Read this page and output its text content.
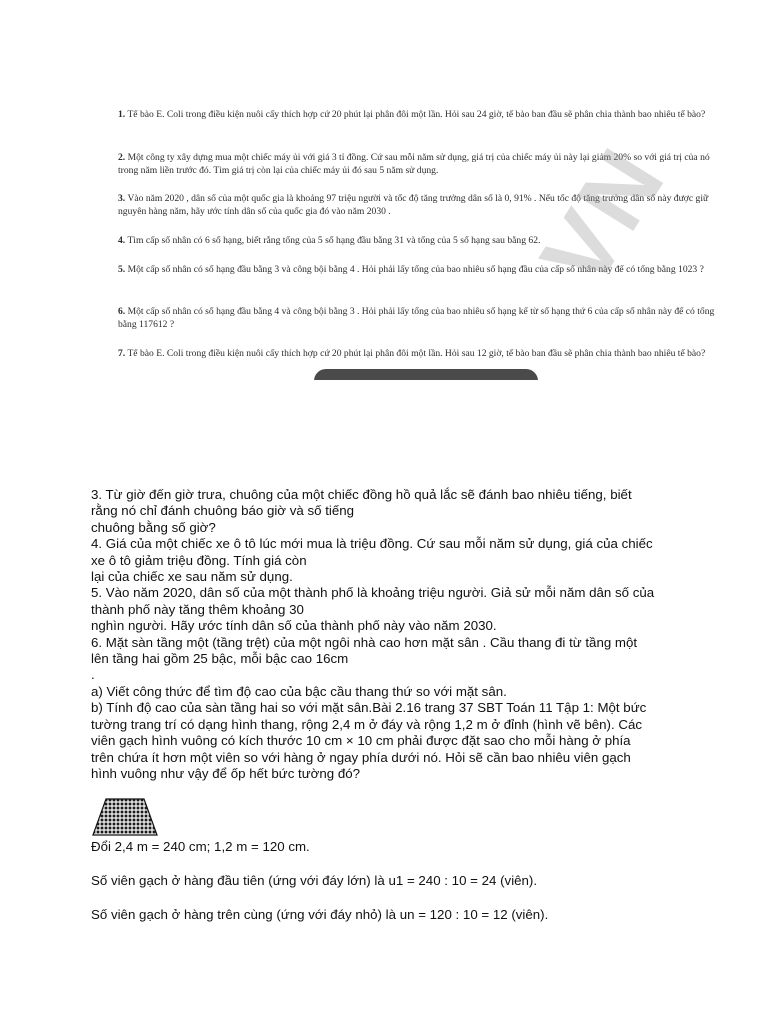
1. Tế bào E. Coli trong điều kiện nuôi cấy thích hợp cứ 20 phút lại phân đôi một lần. Hỏi sau 24 giờ, tế bào ban đầu sẽ phân chia thành bao nhiêu tế bào?
2. Một công ty xây dựng mua một chiếc máy ủi với giá 3 tỉ đồng. Cứ sau mỗi năm sử dụng, giá trị của chiếc máy ủi này lại giảm 20% so với giá trị của nó trong năm liền trước đó. Tìm giá trị còn lại của chiếc máy ủi đó sau 5 năm sử dụng.
3. Vào năm 2020 , dân số của một quốc gia là khoảng 97 triệu người và tốc độ tăng trưởng dân số là 0, 91% . Nếu tốc độ tăng trưởng dân số này được giữ nguyên hàng năm, hãy ước tính dân số của quốc gia đó vào năm 2030 .
4. Tìm cấp số nhân có 6 số hạng, biết rằng tổng của 5 số hạng đầu bằng 31 và tổng của 5 số hạng sau bằng 62.
5. Một cấp số nhân có số hạng đầu bằng 3 và công bội bằng 4 . Hỏi phải lấy tổng của bao nhiêu số hạng đầu của cấp số nhân này để có tổng bằng 1023 ?
6. Một cấp số nhân có số hạng đầu bằng 4 và công bội bằng 3 . Hỏi phải lấy tổng của bao nhiêu số hạng kể từ số hạng thứ 6 của cấp số nhân này để có tổng bằng 117612 ?
7. Tế bào E. Coli trong điều kiện nuôi cấy thích hợp cứ 20 phút lại phân đôi một lần. Hỏi sau 12 giờ, tế bào ban đầu sẽ phân chia thành bao nhiêu tế bào?
VN

3. Từ giờ đến giờ trưa, chuông của một chiếc đồng hồ quả lắc sẽ đánh bao nhiêu tiếng, biết
rằng nó chỉ đánh chuông báo giờ và số tiếng
chuông bằng số giờ?

4. Giá của một chiếc xe ô tô lúc mới mua là triệu đồng. Cứ sau mỗi năm sử dụng, giá của chiếc
xe ô tô giảm triệu đồng. Tính giá còn
lại của chiếc xe sau năm sử dụng.

5. Vào năm 2020, dân số của một thành phố là khoảng triệu người. Giả sử mỗi năm dân số của
thành phố này tăng thêm khoảng 30
nghìn người. Hãy ước tính dân số của thành phố này vào năm 2030.

6. Mặt sàn tầng một (tầng trệt) của một ngôi nhà cao hơn mặt sân . Cầu thang đi từ tầng một
lên tầng hai gồm 25 bậc, mỗi bậc cao 16cm
.

a) Viết công thức để tìm độ cao của bậc cầu thang thứ so với mặt sân.

b) Tính độ cao của sàn tầng hai so với mặt sân.Bài 2.16 trang 37 SBT Toán 11 Tập 1: Một bức
tường trang trí có dạng hình thang, rộng 2,4 m ở đáy và rộng 1,2 m ở đỉnh (hình vẽ bên). Các
viên gạch hình vuông có kích thước 10 cm × 10 cm phải được đặt sao cho mỗi hàng ở phía
trên chứa ít hơn một viên so với hàng ở ngay phía dưới nó. Hỏi sẽ cần bao nhiêu viên gạch
hình vuông như vậy để ốp hết bức tường đó?

Đổi 2,4 m = 240 cm; 1,2 m = 120 cm.

Số viên gạch ở hàng đầu tiên (ứng với đáy lớn) là u1 = 240 : 10 = 24 (viên).

Số viên gạch ở hàng trên cùng (ứng với đáy nhỏ) là un = 120 : 10 = 12 (viên).
